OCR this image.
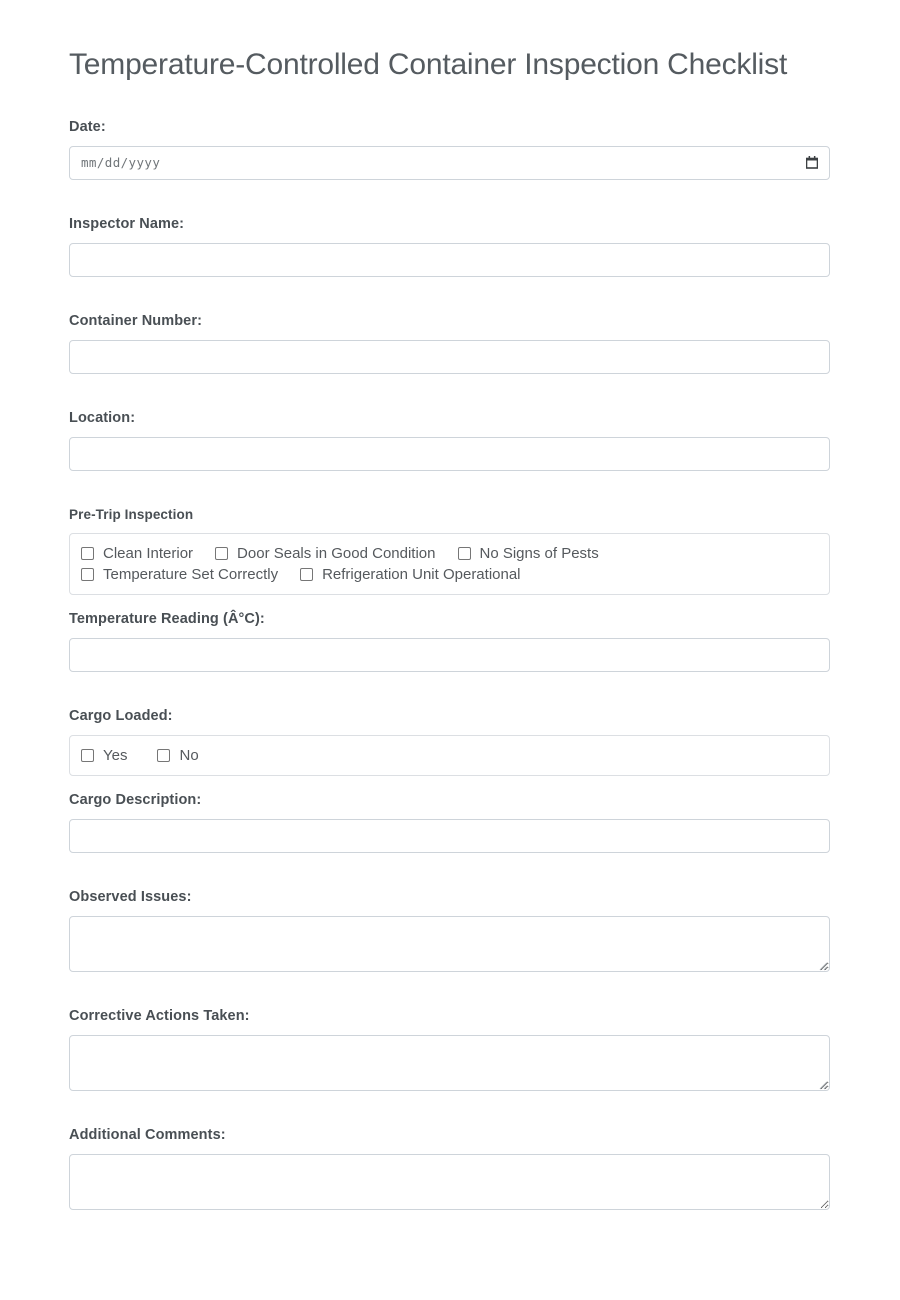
Temperature-Controlled Container Inspection Checklist
Date:
mm/dd/yyyy
Inspector Name:
Container Number:
Location:
Pre-Trip Inspection
Clean Interior	Door Seals in Good Condition	No Signs of Pests
Temperature Set Correctly	Refrigeration Unit Operational
Temperature Reading (Â°C):
Cargo Loaded:
Yes	No
Cargo Description:
Observed Issues:
Corrective Actions Taken:
Additional Comments:
